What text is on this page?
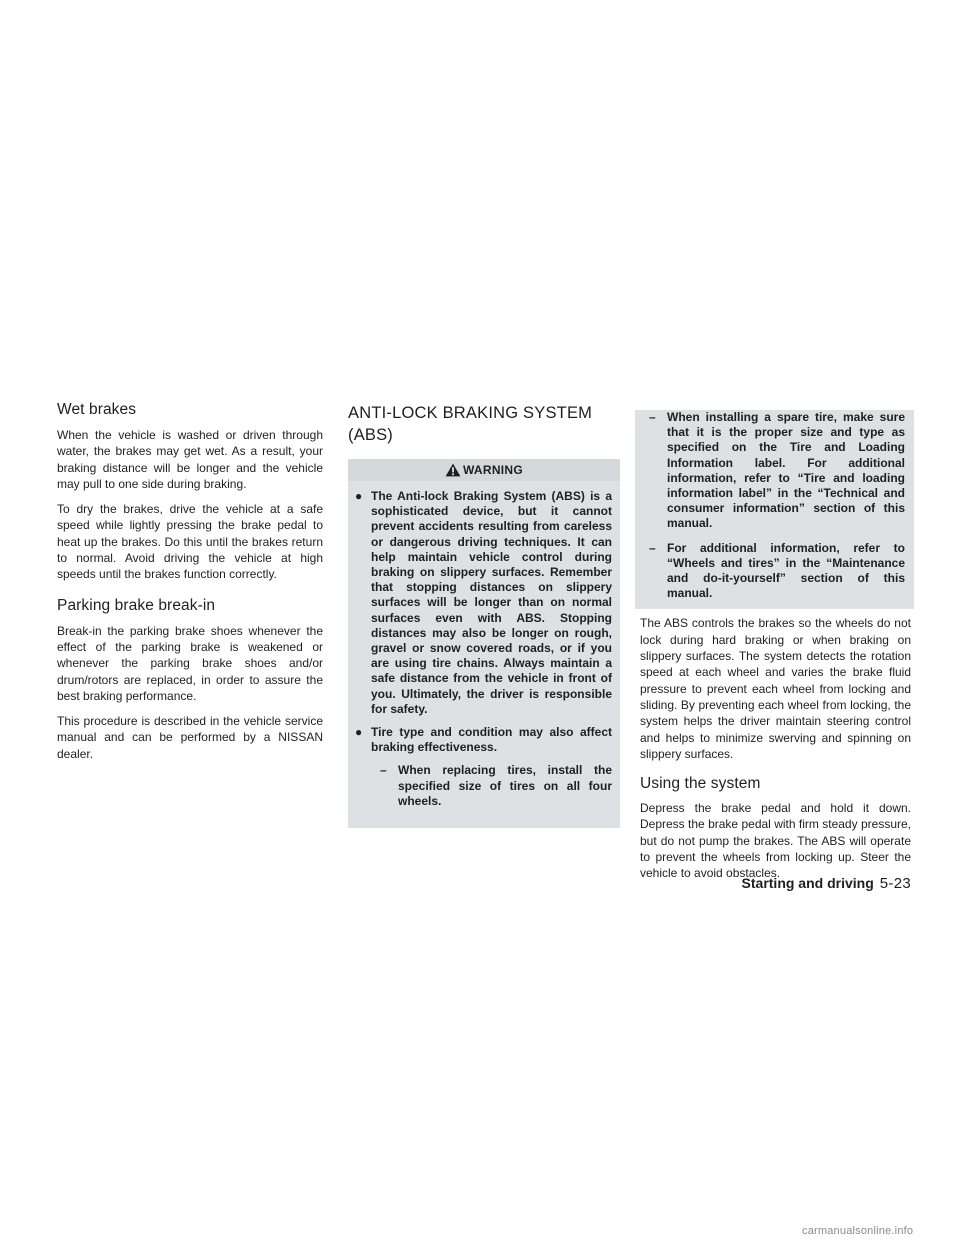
Wet brakes

When the vehicle is washed or driven through water, the brakes may get wet. As a result, your braking distance will be longer and the vehicle may pull to one side during braking.

To dry the brakes, drive the vehicle at a safe speed while lightly pressing the brake pedal to heat up the brakes. Do this until the brakes return to normal. Avoid driving the vehicle at high speeds until the brakes function correctly.

Parking brake break-in

Break-in the parking brake shoes whenever the effect of the parking brake is weakened or whenever the parking brake shoes and/or drum/rotors are replaced, in order to assure the best braking performance.

This procedure is described in the vehicle service manual and can be performed by a NISSAN dealer.

ANTI-LOCK BRAKING SYSTEM (ABS)
WARNING
● The Anti-lock Braking System (ABS) is a sophisticated device, but it cannot prevent accidents resulting from careless or dangerous driving techniques. It can help maintain vehicle control during braking on slippery surfaces. Remember that stopping distances on slippery surfaces will be longer than on normal surfaces even with ABS. Stopping distances may also be longer on rough, gravel or snow covered roads, or if you are using tire chains. Always maintain a safe distance from the vehicle in front of you. Ultimately, the driver is responsible for safety.
● Tire type and condition may also affect braking effectiveness.
– When replacing tires, install the specified size of tires on all four wheels.
– When installing a spare tire, make sure that it is the proper size and type as specified on the Tire and Loading Information label. For additional information, refer to “Tire and loading information label” in the “Technical and consumer information” section of this manual.
– For additional information, refer to “Wheels and tires” in the “Maintenance and do-it-yourself” section of this manual.

The ABS controls the brakes so the wheels do not lock during hard braking or when braking on slippery surfaces. The system detects the rotation speed at each wheel and varies the brake fluid pressure to prevent each wheel from locking and sliding. By preventing each wheel from locking, the system helps the driver maintain steering control and helps to minimize swerving and spinning on slippery surfaces.

Using the system

Depress the brake pedal and hold it down. Depress the brake pedal with firm steady pressure, but do not pump the brakes. The ABS will operate to prevent the wheels from locking up. Steer the vehicle to avoid obstacles.

Starting and driving 5-23
carmanualsonline.info
